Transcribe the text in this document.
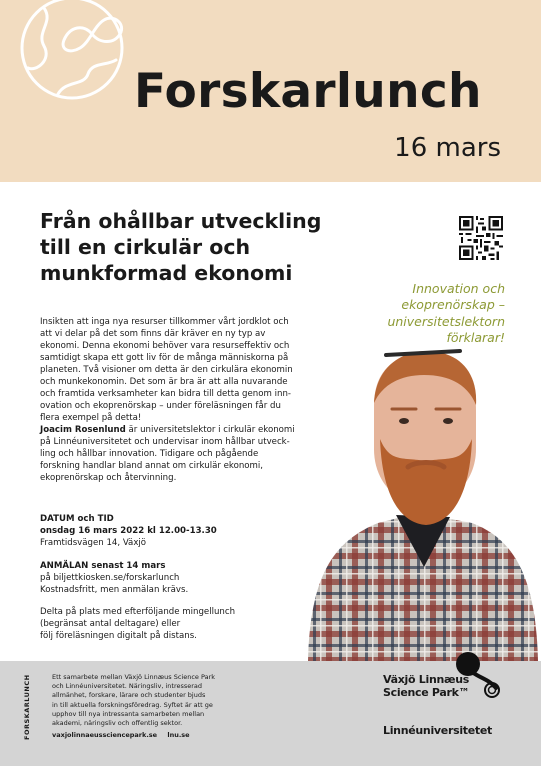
Forskarlunch
16 mars
Från ohållbar utveckling
till en cirkulär och
munkformad ekonomi
Innovation och
ekoprenörskap –
universitetslektorn
förklarar!
Insikten att inga nya resurser tillkommer vårt jordklot och
att vi delar på det som finns där kräver en ny typ av
ekonomi. Denna ekonomi behöver vara resurseffektiv och
samtidigt skapa ett gott liv för de många människorna på
planeten. Två visioner om detta är den cirkulära ekonomin
och munkekonomin. Det som är bra är att alla nuvarande
och framtida verksamheter kan bidra till detta genom inn-
ovation och ekoprenörskap – under föreläsningen får du
flera exempel på detta!
Joacim Rosenlund är universitetslektor i cirkulär ekonomi
på Linnéuniversitetet och undervisar inom hållbar utveck-
ling och hållbar innovation. Tidigare och pågående
forskning handlar bland annat om cirkulär ekonomi,
ekoprenörskap och återvinning.
DATUM och TID
onsdag 16 mars 2022 kl 12.00-13.30
Framtidsvägen 14, Växjö
ANMÄLAN senast 14 mars
på biljettkiosken.se/forskarlunch
Kostnadsfritt, men anmälan krävs.
Delta på plats med efterföljande mingellunch
(begränsat antal deltagare) eller
följ föreläsningen digitalt på distans.
FORSKARLUNCH	Ett samarbete mellan Växjö Linnæus Science Park
och Linnéuniversitetet. Näringsliv, intresserad
allmänhet, forskare, lärare och studenter bjuds
in till aktuella forskningsföredrag. Syftet är att ge
upphov till nya intressanta samarbeten mellan
akademi, näringsliv och offentlig sektor.
vaxjolinnaeussciencepark.se lnu.se
Växjö Linnæus
Science Park™
Linnéuniversitetet
